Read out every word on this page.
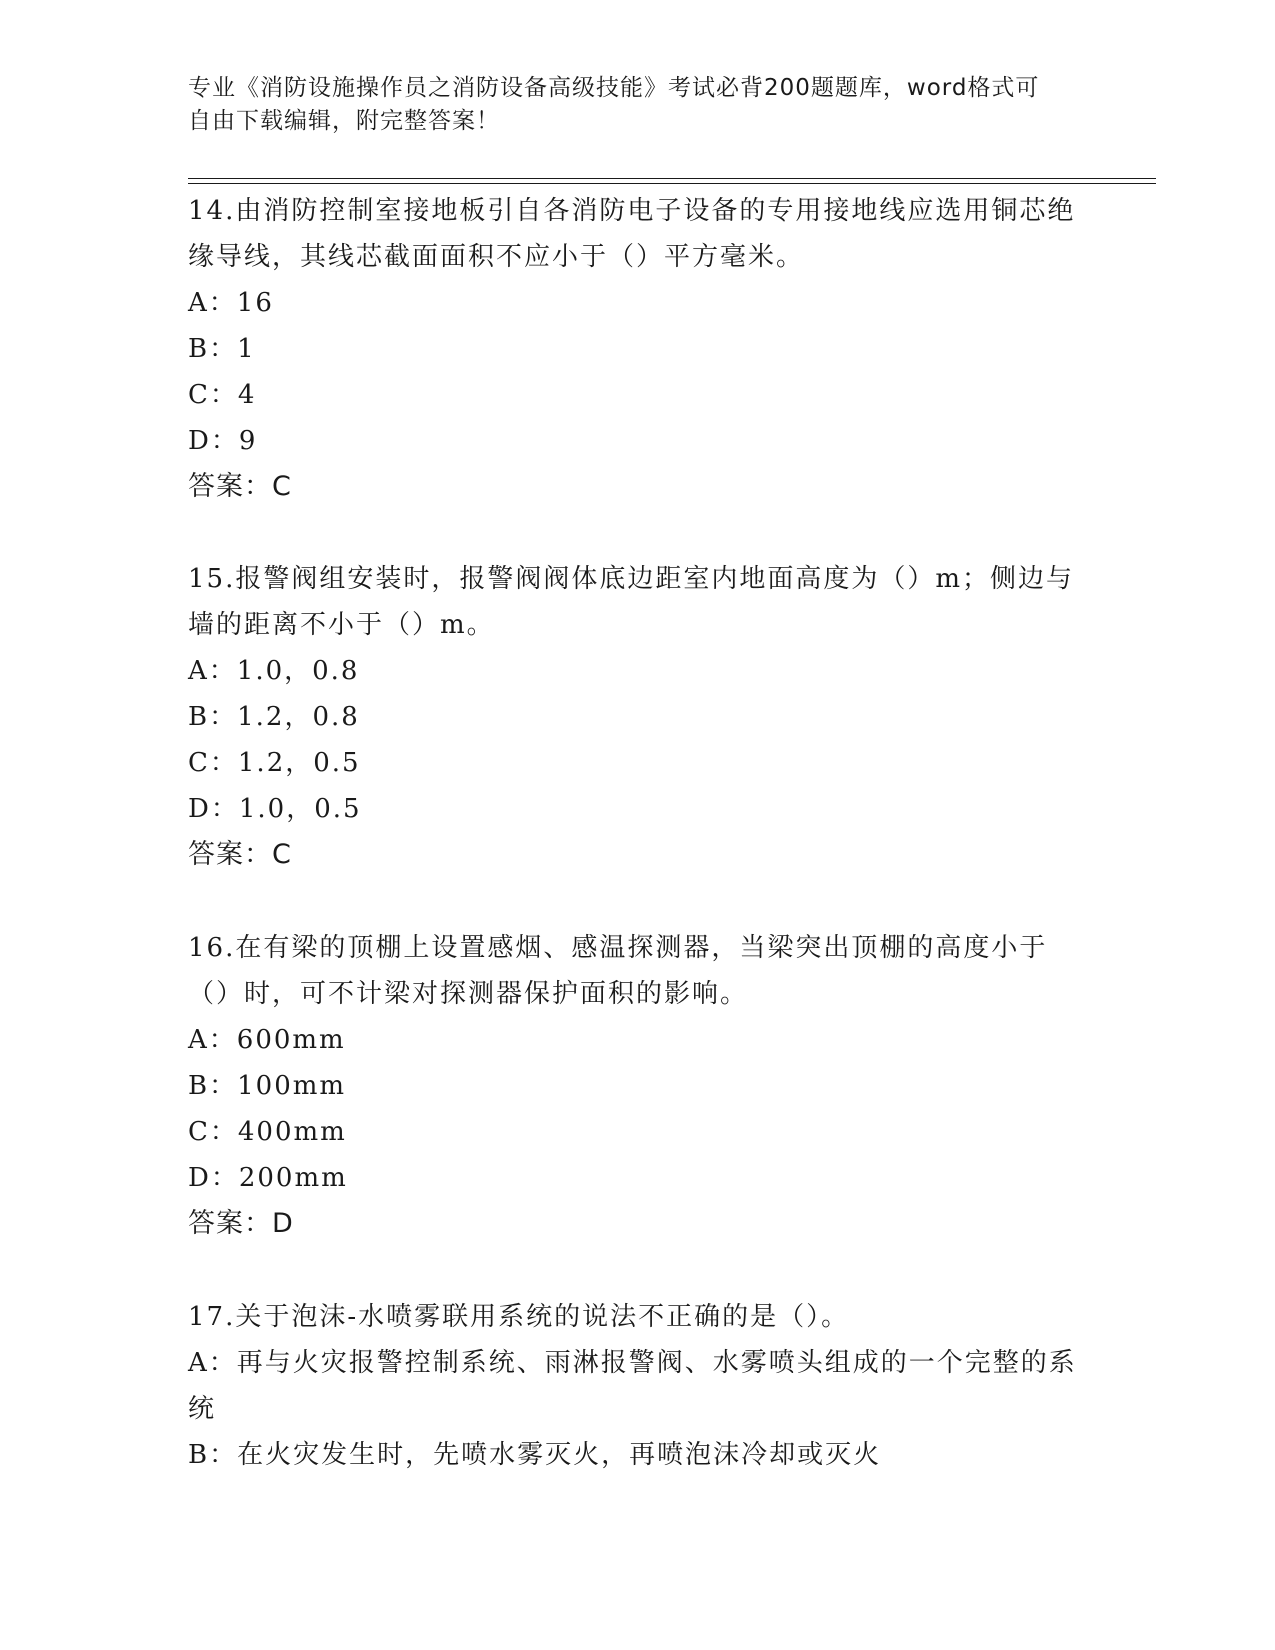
专业《消防设施操作员之消防设备高级技能》考试必背200题题库，word格式可
自由下载编辑，附完整答案！
14.由消防控制室接地板引自各消防电子设备的专用接地线应选用铜芯绝缘导线，其线芯截面面积不应小于（）平方毫米。
A：16
B：1
C：4
D：9
答案：C
15.报警阀组安装时，报警阀阀体底边距室内地面高度为（）m；侧边与墙的距离不小于（）m。
A：1.0，0.8
B：1.2，0.8
C：1.2，0.5
D：1.0，0.5
答案：C
16.在有梁的顶棚上设置感烟、感温探测器，当梁突出顶棚的高度小于（）时，可不计梁对探测器保护面积的影响。
A：600mm
B：100mm
C：400mm
D：200mm
答案：D
17.关于泡沫-水喷雾联用系统的说法不正确的是（）。
A：再与火灾报警控制系统、雨淋报警阀、水雾喷头组成的一个完整的系统
B：在火灾发生时，先喷水雾灭火，再喷泡沫冷却或灭火
